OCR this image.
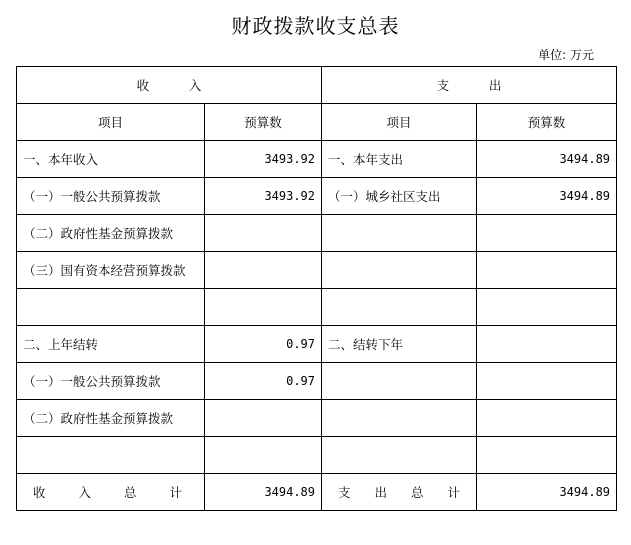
财政拨款收支总表
单位: 万元
收          入		支          出	
项目	预算数	项目	预算数
一、本年收入	3493.92	一、本年支出	3494.89
（一）一般公共预算拨款	3493.92	（一）城乡社区支出	3494.89
（二）政府性基金预算拨款			
（三）国有资本经营预算拨款			

二、上年结转	0.97	二、结转下年	
（一）一般公共预算拨款	0.97		
（二）政府性基金预算拨款			

收 入 总 计	3494.89	支 出 总 计	3494.89
